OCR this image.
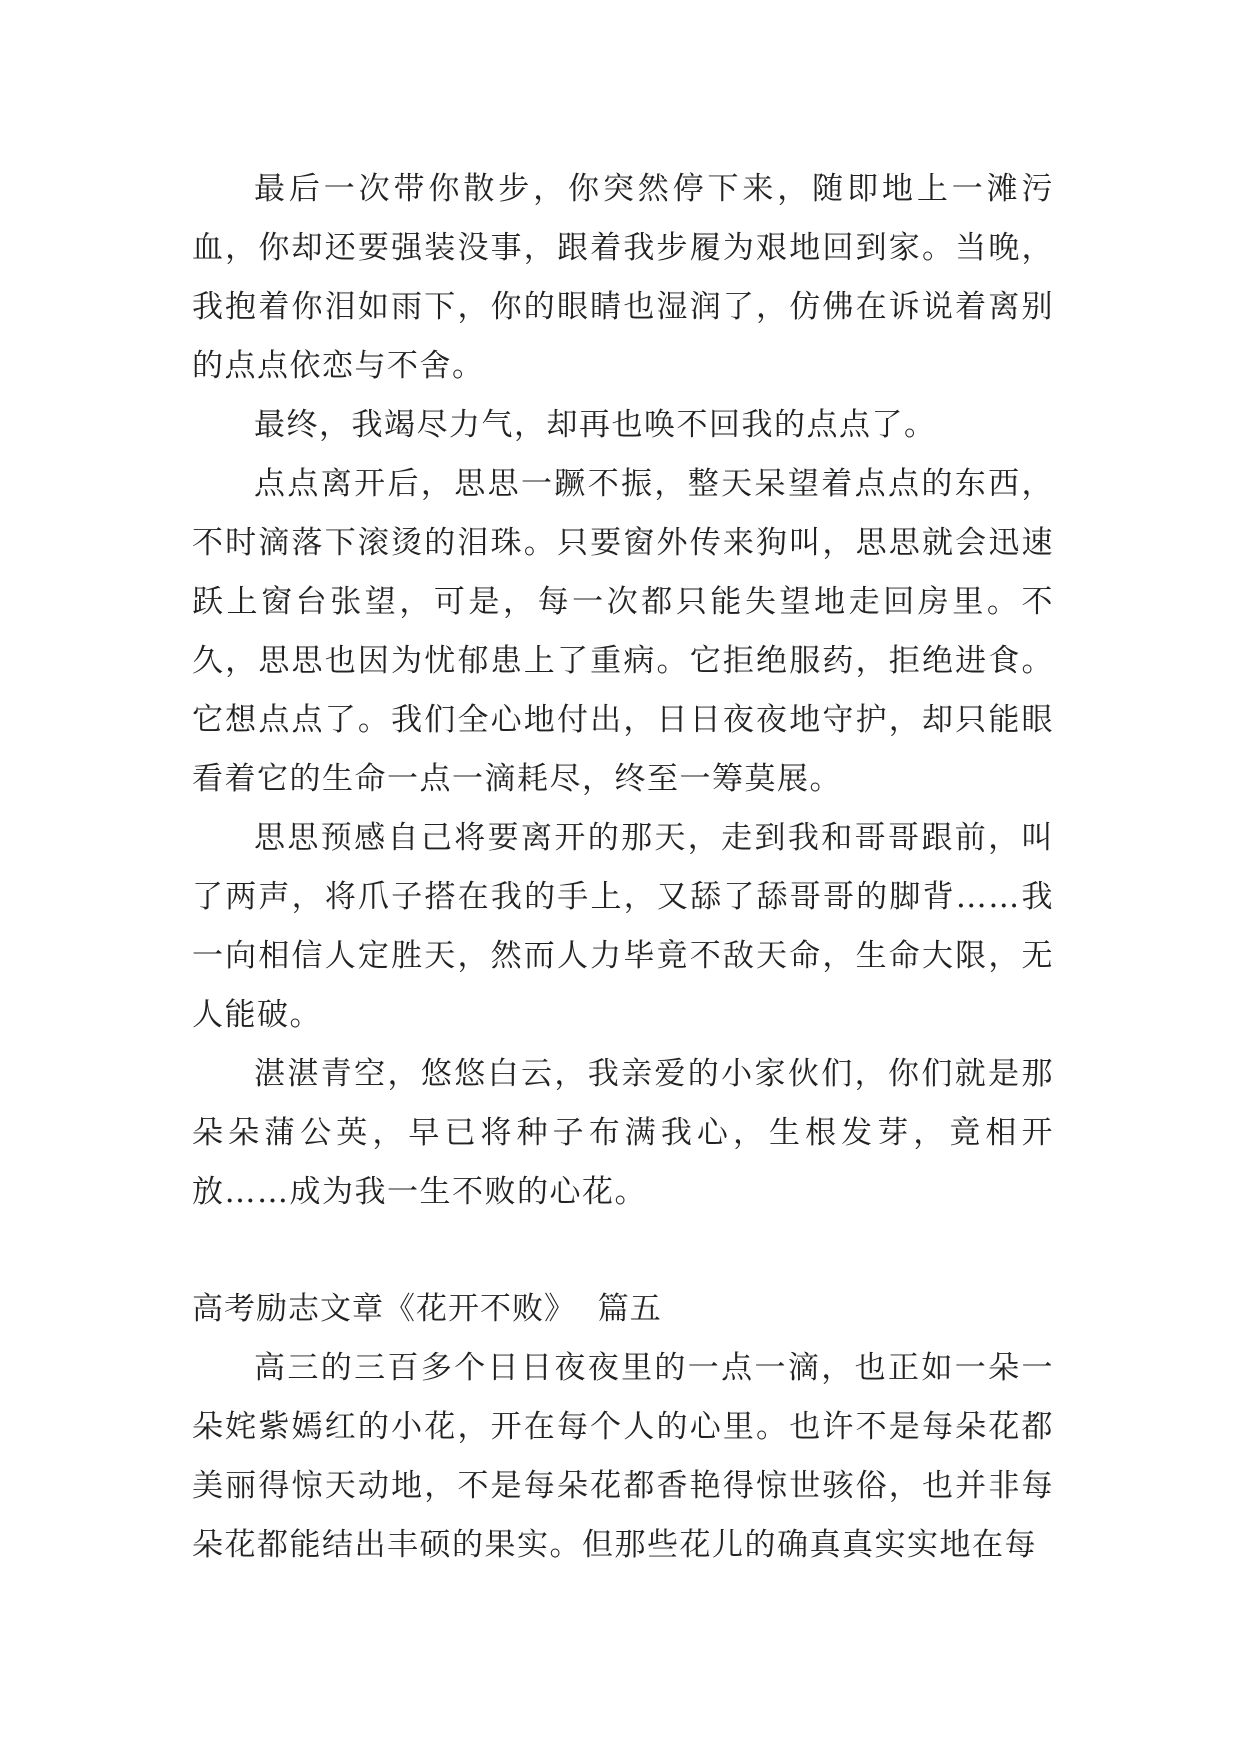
最后一次带你散步，你突然停下来，随即地上一滩污血，你却还要强装没事，跟着我步履为艰地回到家。当晚，我抱着你泪如雨下，你的眼睛也湿润了，仿佛在诉说着离别的点点依恋与不舍。

最终，我竭尽力气，却再也唤不回我的点点了。

点点离开后，思思一蹶不振，整天呆望着点点的东西，不时滴落下滚烫的泪珠。只要窗外传来狗叫，思思就会迅速跃上窗台张望，可是，每一次都只能失望地走回房里。不久，思思也因为忧郁患上了重病。它拒绝服药，拒绝进食。它想点点了。我们全心地付出，日日夜夜地守护，却只能眼看着它的生命一点一滴耗尽，终至一筹莫展。

思思预感自己将要离开的那天，走到我和哥哥跟前，叫了两声，将爪子搭在我的手上，又舔了舔哥哥的脚背……我一向相信人定胜天，然而人力毕竟不敌天命，生命大限，无人能破。

湛湛青空，悠悠白云，我亲爱的小家伙们，你们就是那朵朵蒲公英，早已将种子布满我心，生根发芽，竟相开放……成为我一生不败的心花。

高考励志文章《花开不败》  篇五

高三的三百多个日日夜夜里的一点一滴，也正如一朵一朵姹紫嫣红的小花，开在每个人的心里。也许不是每朵花都美丽得惊天动地，不是每朵花都香艳得惊世骇俗，也并非每朵花都能结出丰硕的果实。但那些花儿的确真真实实地在每
